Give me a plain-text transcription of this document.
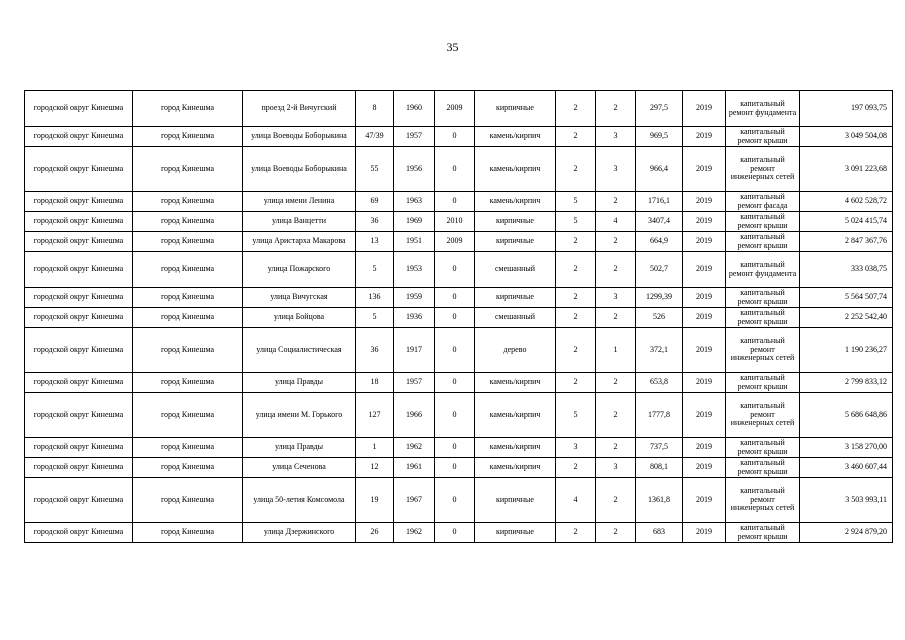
35
городской округ Кинешма	город Кинешма	проезд 2-й Вичугский	8	1960	2009	кирпичные	2	2	297,5	2019	капитальный ремонт фундамента	197 093,75
городской округ Кинешма	город Кинешма	улица Воеводы Боборыкина	47/39	1957	0	камень/кирпич	2	3	969,5	2019	капитальный ремонт крыши	3 049 504,08
городской округ Кинешма	город Кинешма	улица Воеводы Боборыкина	55	1956	0	камень/кирпич	2	3	966,4	2019	капитальный ремонт инженерных сетей	3 091 223,68
городской округ Кинешма	город Кинешма	улица имени Ленина	69	1963	0	камень/кирпич	5	2	1716,1	2019	капитальный ремонт фасада	4 602 528,72
городской округ Кинешма	город Кинешма	улица Ванцетти	36	1969	2010	кирпичные	5	4	3407,4	2019	капитальный ремонт крыши	5 024 415,74
городской округ Кинешма	город Кинешма	улица Аристарха Макарова	13	1951	2009	кирпичные	2	2	664,9	2019	капитальный ремонт крыши	2 847 367,76
городской округ Кинешма	город Кинешма	улица Пожарского	5	1953	0	смешанный	2	2	502,7	2019	капитальный ремонт фундамента	333 038,75
городской округ Кинешма	город Кинешма	улица Вичугская	136	1959	0	кирпичные	2	3	1299,39	2019	капитальный ремонт крыши	5 564 507,74
городской округ Кинешма	город Кинешма	улица Бойцова	5	1936	0	смешанный	2	2	526	2019	капитальный ремонт крыши	2 252 542,40
городской округ Кинешма	город Кинешма	улица Социалистическая	36	1917	0	дерево	2	1	372,1	2019	капитальный ремонт инженерных сетей	1 190 236,27
городской округ Кинешма	город Кинешма	улица Правды	18	1957	0	камень/кирпич	2	2	653,8	2019	капитальный ремонт крыши	2 799 833,12
городской округ Кинешма	город Кинешма	улица имени М. Горького	127	1966	0	камень/кирпич	5	2	1777,8	2019	капитальный ремонт инженерных сетей	5 686 648,86
городской округ Кинешма	город Кинешма	улица Правды	1	1962	0	камень/кирпич	3	2	737,5	2019	капитальный ремонт крыши	3 158 270,00
городской округ Кинешма	город Кинешма	улица Сеченова	12	1961	0	камень/кирпич	2	3	808,1	2019	капитальный ремонт крыши	3 460 607,44
городской округ Кинешма	город Кинешма	улица 50-летия Комсомола	19	1967	0	кирпичные	4	2	1361,8	2019	капитальный ремонт инженерных сетей	3 503 993,11
городской округ Кинешма	город Кинешма	улица Дзержинского	26	1962	0	кирпичные	2	2	683	2019	капитальный ремонт крыши	2 924 879,20
